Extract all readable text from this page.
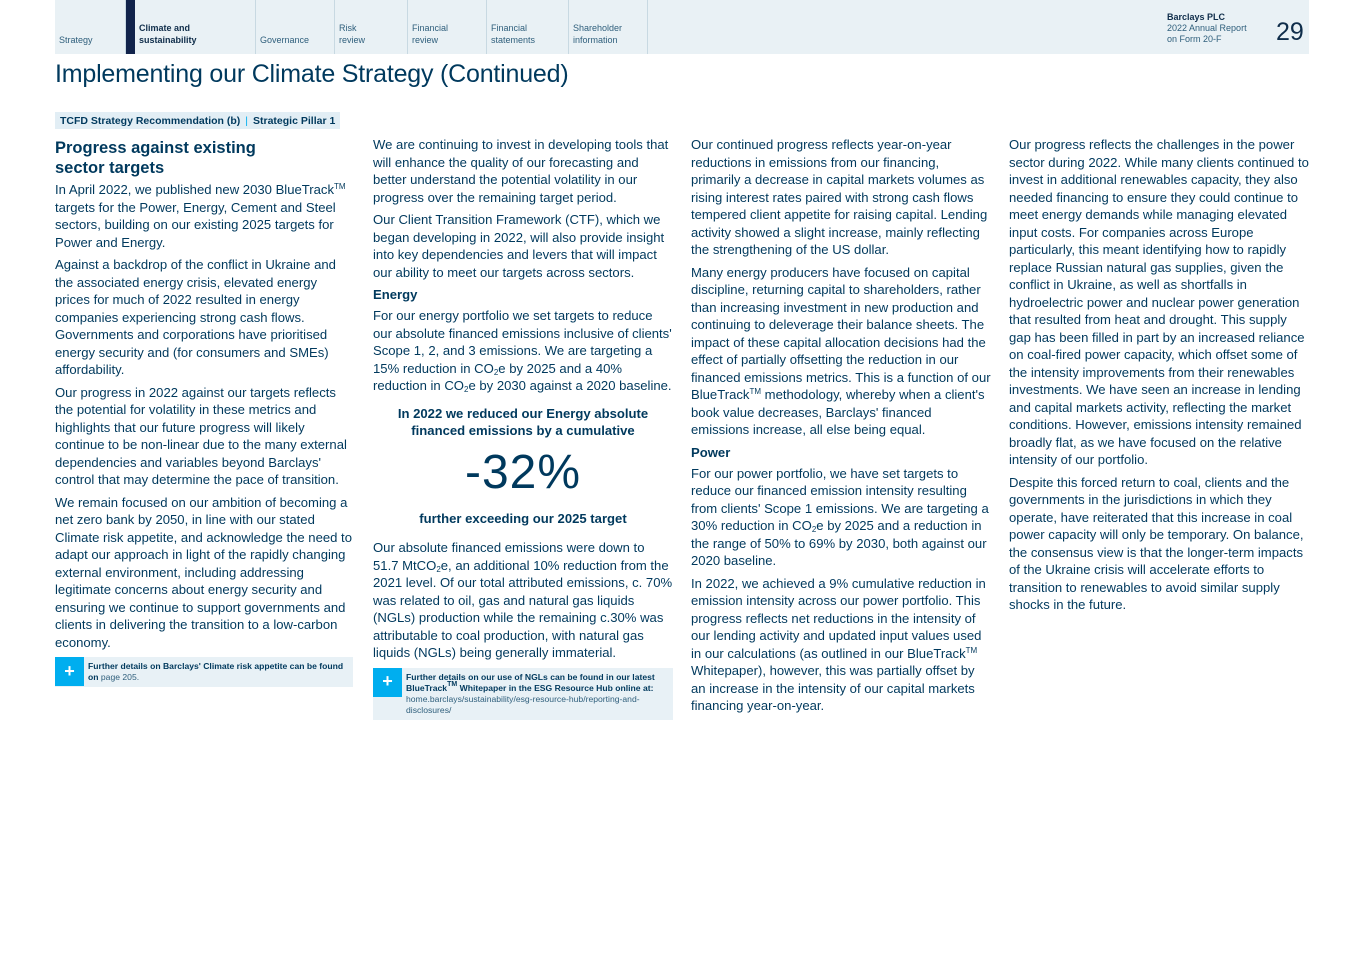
Strategy
Climate and
sustainability	Governance
Risk
review
Financial
review
Financial
statements
Shareholder
information
Barclays PLC
2022 Annual Report
on Form 20-F	29
Implementing our Climate Strategy (Continued)
TCFD Strategy Recommendation (b) | Strategic Pillar 1
Progress against existing
sector targets

In April 2022, we published new 2030 BlueTrack™ targets for the Power, Energy, Cement and Steel sectors, building on our existing 2025 targets for Power and Energy.

Against a backdrop of the conflict in Ukraine and the associated energy crisis, elevated energy prices for much of 2022 resulted in energy companies experiencing strong cash flows. Governments and corporations have prioritised energy security and (for consumers and SMEs) affordability.

Our progress in 2022 against our targets reflects the potential for volatility in these metrics and highlights that our future progress will likely continue to be non-linear due to the many external dependencies and variables beyond Barclays' control that may determine the pace of transition.

We remain focused on our ambition of becoming a net zero bank by 2050, in line with our stated Climate risk appetite, and acknowledge the need to adapt our approach in light of the rapidly changing external environment, including addressing legitimate concerns about energy security and ensuring we continue to support governments and clients in delivering the transition to a low-carbon economy.

+	Further details on Barclays' Climate risk appetite can be found on page 205.

We are continuing to invest in developing tools that will enhance the quality of our forecasting and better understand the potential volatility in our progress over the remaining target period.

Our Client Transition Framework (CTF), which we began developing in 2022, will also provide insight into key dependencies and levers that will impact our ability to meet our targets across sectors.

Energy

For our energy portfolio we set targets to reduce our absolute financed emissions inclusive of clients' Scope 1, 2, and 3 emissions. We are targeting a 15% reduction in $CO_2e$ by 2025 and a 40% reduction in $CO_2e$ by 2030 against a 2020 baseline.

In 2022 we reduced our Energy absolute financed emissions by a cumulative
-32%
further exceeding our 2025 target

Our absolute financed emissions were down to 51.7 MtCO$_2$e, an additional 10% reduction from the 2021 level. Of our total attributed emissions, c. 70% was related to oil, gas and natural gas liquids (NGLs) production while the remaining c.30% was attributable to coal production, with natural gas liquids (NGLs) being generally immaterial.

+	Further details on our use of NGLs can be found in our latest BlueTrack™ Whitepaper in the ESG Resource Hub online at:
home.barclays/sustainability/esg-resource-hub/reporting-and-disclosures/

Our continued progress reflects year-on-year reductions in emissions from our financing, primarily a decrease in capital markets volumes as rising interest rates paired with strong cash flows tempered client appetite for raising capital. Lending activity showed a slight increase, mainly reflecting the strengthening of the US dollar.

Many energy producers have focused on capital discipline, returning capital to shareholders, rather than increasing investment in new production and continuing to deleverage their balance sheets. The impact of these capital allocation decisions had the effect of partially offsetting the reduction in our financed emissions metrics. This is a function of our BlueTrack™ methodology, whereby when a client's book value decreases, Barclays' financed emissions increase, all else being equal.

Power

For our power portfolio, we have set targets to reduce our financed emission intensity resulting from clients' Scope 1 emissions. We are targeting a 30% reduction in $CO_2e$ by 2025 and a reduction in the range of 50% to 69% by 2030, both against our 2020 baseline.

In 2022, we achieved a 9% cumulative reduction in emission intensity across our power portfolio. This progress reflects net reductions in the intensity of our lending activity and updated input values used in our calculations (as outlined in our BlueTrack™ Whitepaper), however, this was partially offset by an increase in the intensity of our capital markets financing year-on-year.

Our progress reflects the challenges in the power sector during 2022. While many clients continued to invest in additional renewables capacity, they also needed financing to ensure they could continue to meet energy demands while managing elevated input costs. For companies across Europe particularly, this meant identifying how to rapidly replace Russian natural gas supplies, given the conflict in Ukraine, as well as shortfalls in hydroelectric power and nuclear power generation that resulted from heat and drought. This supply gap has been filled in part by an increased reliance on coal-fired power capacity, which offset some of the intensity improvements from their renewables investments. We have seen an increase in lending and capital markets activity, reflecting the market conditions. However, emissions intensity remained broadly flat, as we have focused on the relative intensity of our portfolio.

Despite this forced return to coal, clients and the governments in the jurisdictions in which they operate, have reiterated that this increase in coal power capacity will only be temporary. On balance, the consensus view is that the longer-term impacts of the Ukraine crisis will accelerate efforts to transition to renewables to avoid similar supply shocks in the future.
